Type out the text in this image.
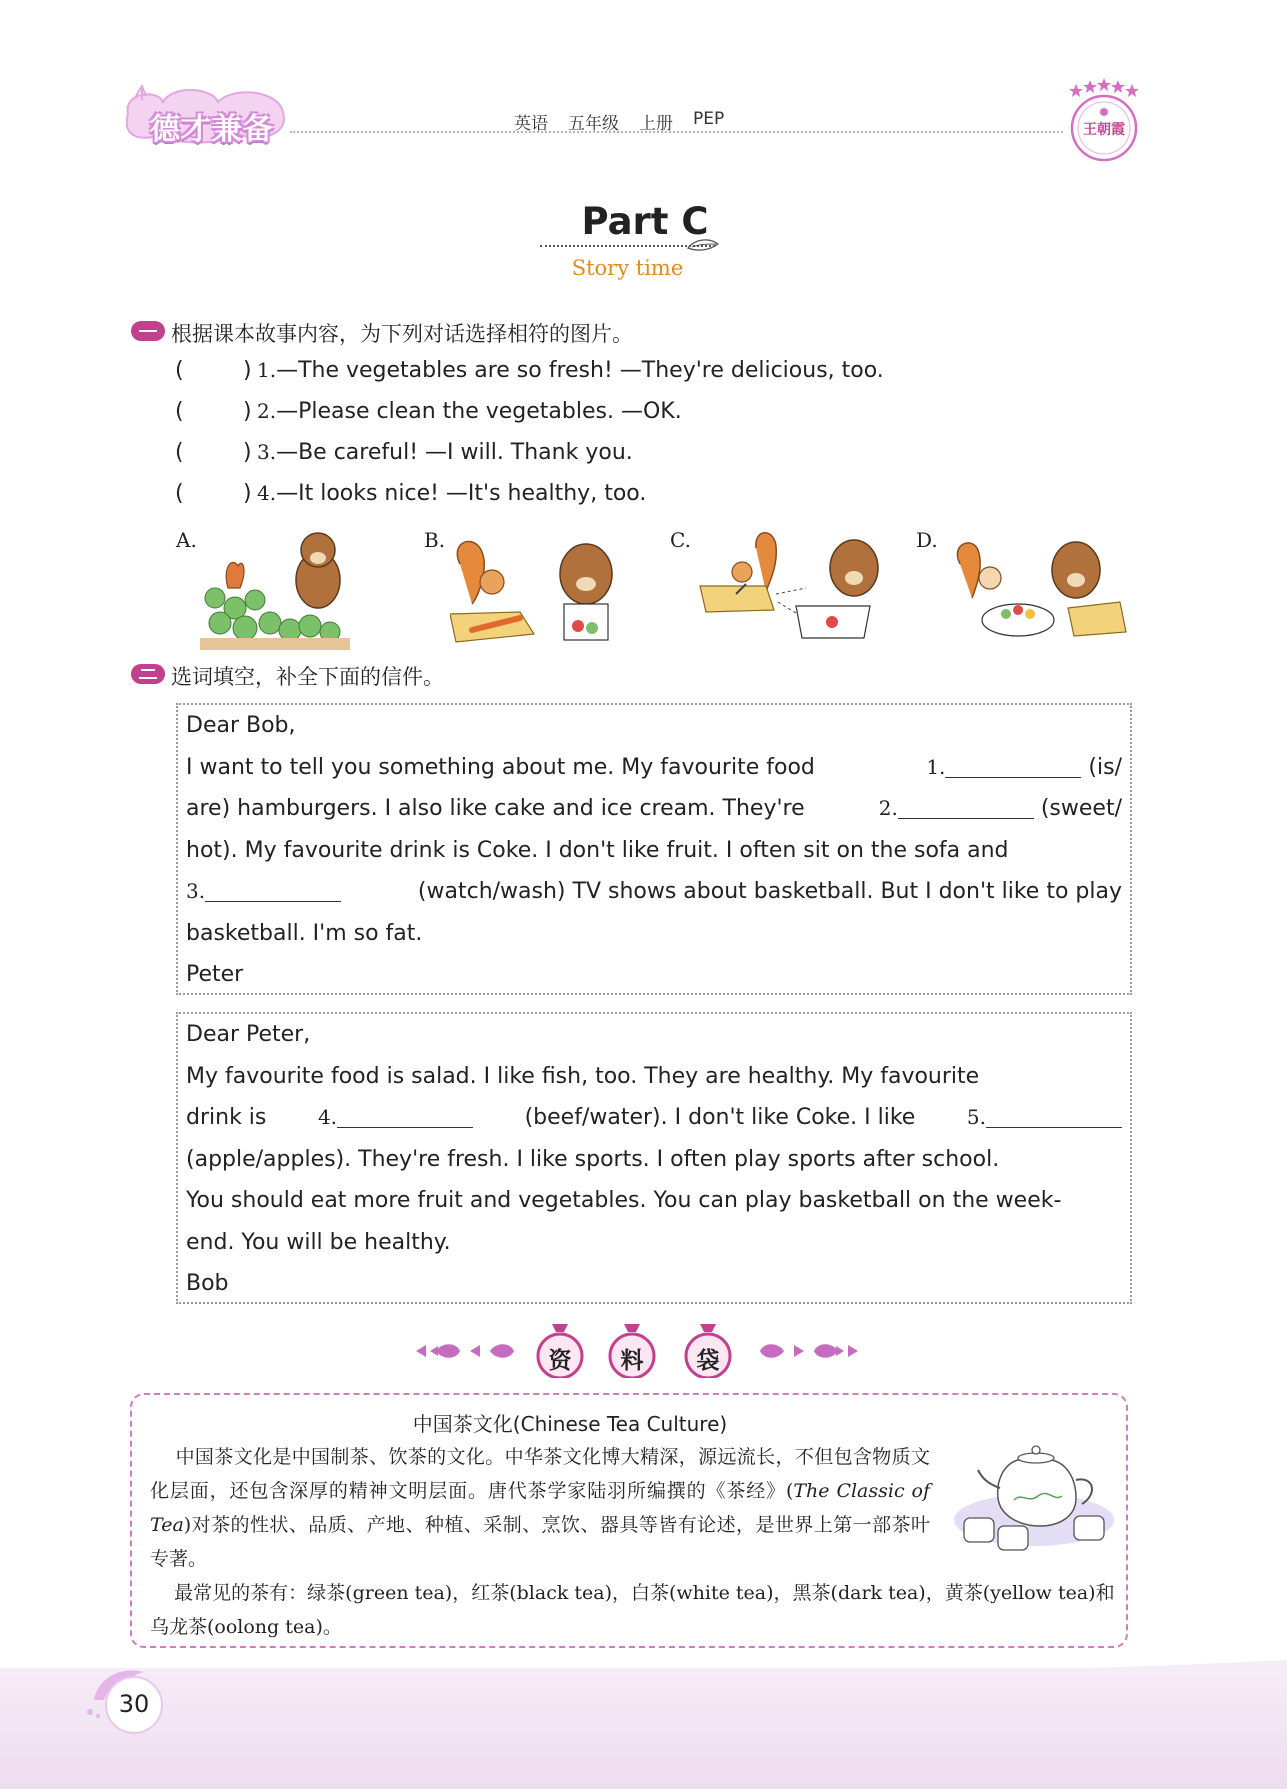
德才兼备	英语 五年级 上册 PEP
王朝霞
Part C
Story time
根据课本故事内容，为下列对话选择相符的图片。
(	) 1.—The vegetables are so fresh! —They're delicious, too.
(	) 2.—Please clean the vegetables. —OK.
(	) 3.—Be careful! —I will. Thank you.
(	) 4.—It looks nice! —It's healthy, too.
A.	B.	C.	D.
选词填空，补全下面的信件。
Dear Bob,
I want to tell you something about me. My favourite food	1.	(is/
are) hamburgers. I also like cake and ice cream. They're	2.	(sweet/
hot). My favourite drink is Coke. I don't like fruit. I often sit on the sofa and
3.	(watch/wash) TV shows about basketball. But I don't like to play
basketball. I'm so fat.
Peter
Dear Peter,
My favourite food is salad. I like fish, too. They are healthy. My favourite
drink is	4.	(beef/water). I don't like Coke. I like	5.
(apple/apples). They're fresh. I like sports. I often play sports after school.
You should eat more fruit and vegetables. You can play basketball on the week-
end. You will be healthy.
Bob
资	料	袋
中国茶文化(Chinese Tea Culture)
中国茶文化是中国制茶、饮茶的文化。中华茶文化博大精深，源远流长，不但包含物质文化层面，还包含深厚的精神文明层面。唐代茶学家陆羽所编撰的《茶经》(The Classic of Tea)对茶的性状、品质、产地、种植、采制、烹饮、器具等皆有论述，是世界上第一部茶叶专著。
最常见的茶有：绿茶(green tea)，红茶(black tea)，白茶(white tea)，黑茶(dark tea)，黄茶(yellow tea)和乌龙茶(oolong tea)。
30
